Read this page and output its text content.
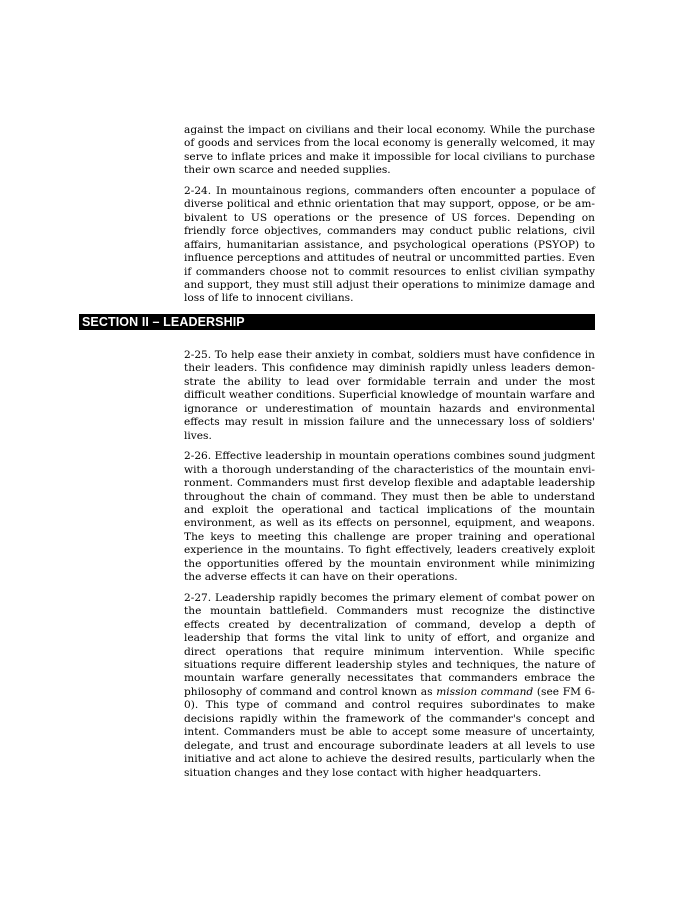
against the impact on civilians and their local economy. While the purchase of goods and services from the local economy is generally welcomed, it may serve to inflate prices and make it impossible for local civilians to purchase their own scarce and needed supplies.

2-24. In mountainous regions, commanders often encounter a populace of diverse political and ethnic orientation that may support, oppose, or be ambivalent to US operations or the presence of US forces. Depending on friendly force objectives, commanders may conduct public relations, civil affairs, humanitarian assistance, and psychological operations (PSYOP) to influence perceptions and attitudes of neutral or uncommitted parties. Even if commanders choose not to commit resources to enlist civilian sympathy and support, they must still adjust their operations to minimize damage and loss of life to innocent civilians.

SECTION II – LEADERSHIP

2-25. To help ease their anxiety in combat, soldiers must have confidence in their leaders. This confidence may diminish rapidly unless leaders demonstrate the ability to lead over formidable terrain and under the most difficult weather conditions. Superficial knowledge of mountain warfare and ignorance or underestimation of mountain hazards and environmental effects may result in mission failure and the unnecessary loss of soldiers' lives.

2-26. Effective leadership in mountain operations combines sound judgment with a thorough understanding of the characteristics of the mountain environment. Commanders must first develop flexible and adaptable leadership throughout the chain of command. They must then be able to understand and exploit the operational and tactical implications of the mountain environment, as well as its effects on personnel, equipment, and weapons. The keys to meeting this challenge are proper training and operational experience in the mountains. To fight effectively, leaders creatively exploit the opportunities offered by the mountain environment while minimizing the adverse effects it can have on their operations.

2-27. Leadership rapidly becomes the primary element of combat power on the mountain battlefield. Commanders must recognize the distinctive effects created by decentralization of command, develop a depth of leadership that forms the vital link to unity of effort, and organize and direct operations that require minimum intervention. While specific situations require different leadership styles and techniques, the nature of mountain warfare generally necessitates that commanders embrace the philosophy of command and control known as mission command (see FM 6-0). This type of command and control requires subordinates to make decisions rapidly within the framework of the commander's concept and intent. Commanders must be able to accept some measure of uncertainty, delegate, and trust and encourage subordinate leaders at all levels to use initiative and act alone to achieve the desired results, particularly when the situation changes and they lose contact with higher headquarters.
